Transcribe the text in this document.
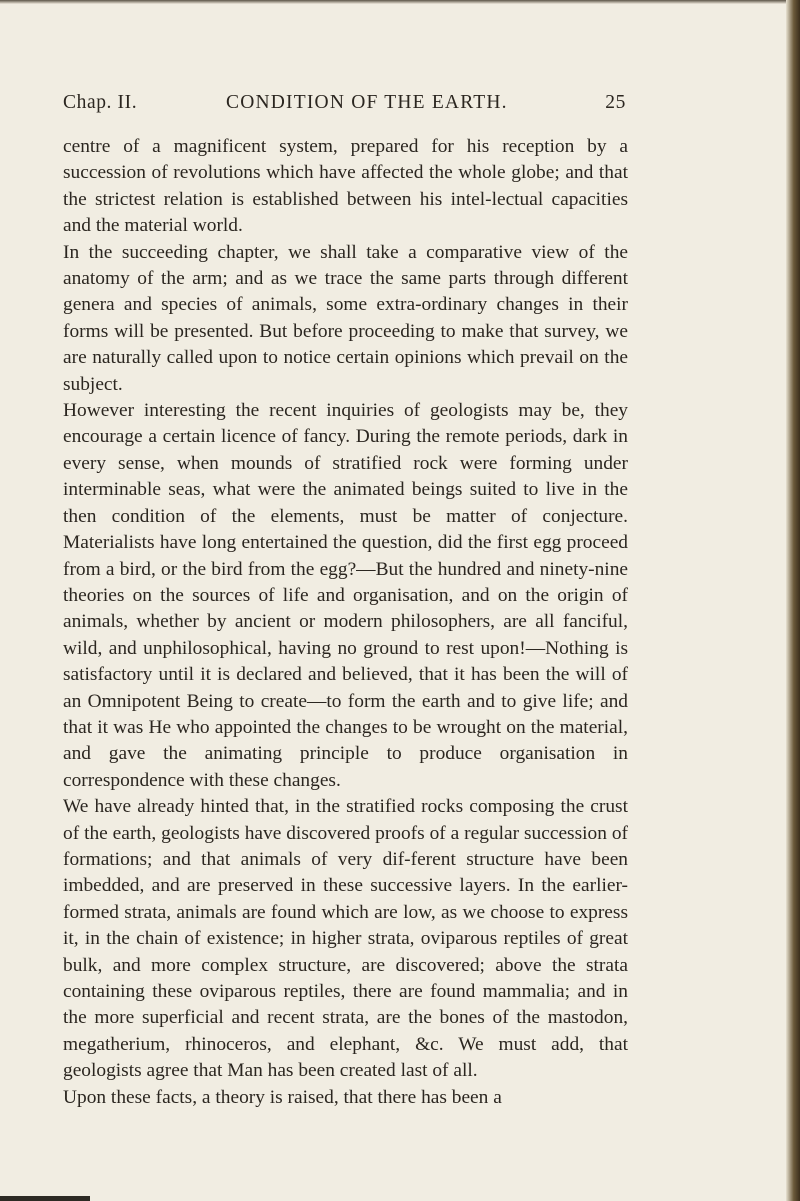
Chap. II.	CONDITION OF THE EARTH.	25

centre of a magnificent system, prepared for his reception by a succession of revolutions which have affected the whole globe; and that the strictest relation is established between his intel-lectual capacities and the material world.

In the succeeding chapter, we shall take a comparative view of the anatomy of the arm; and as we trace the same parts through different genera and species of animals, some extra-ordinary changes in their forms will be presented. But before proceeding to make that survey, we are naturally called upon to notice certain opinions which prevail on the subject.

However interesting the recent inquiries of geologists may be, they encourage a certain licence of fancy. During the remote periods, dark in every sense, when mounds of stratified rock were forming under interminable seas, what were the animated beings suited to live in the then condition of the elements, must be matter of conjecture. Materialists have long entertained the question, did the first egg proceed from a bird, or the bird from the egg?—But the hundred and ninety-nine theories on the sources of life and organisation, and on the origin of animals, whether by ancient or modern philosophers, are all fanciful, wild, and unphilosophical, having no ground to rest upon!—Nothing is satisfactory until it is declared and believed, that it has been the will of an Omnipotent Being to create—to form the earth and to give life; and that it was He who appointed the changes to be wrought on the material, and gave the animating principle to produce organisation in correspondence with these changes.

We have already hinted that, in the stratified rocks composing the crust of the earth, geologists have discovered proofs of a regular succession of formations; and that animals of very dif-ferent structure have been imbedded, and are preserved in these successive layers. In the earlier-formed strata, animals are found which are low, as we choose to express it, in the chain of existence; in higher strata, oviparous reptiles of great bulk, and more complex structure, are discovered; above the strata containing these oviparous reptiles, there are found mammalia; and in the more superficial and recent strata, are the bones of the mastodon, megatherium, rhinoceros, and elephant, &c. We must add, that geologists agree that Man has been created last of all.

Upon these facts, a theory is raised, that there has been a
